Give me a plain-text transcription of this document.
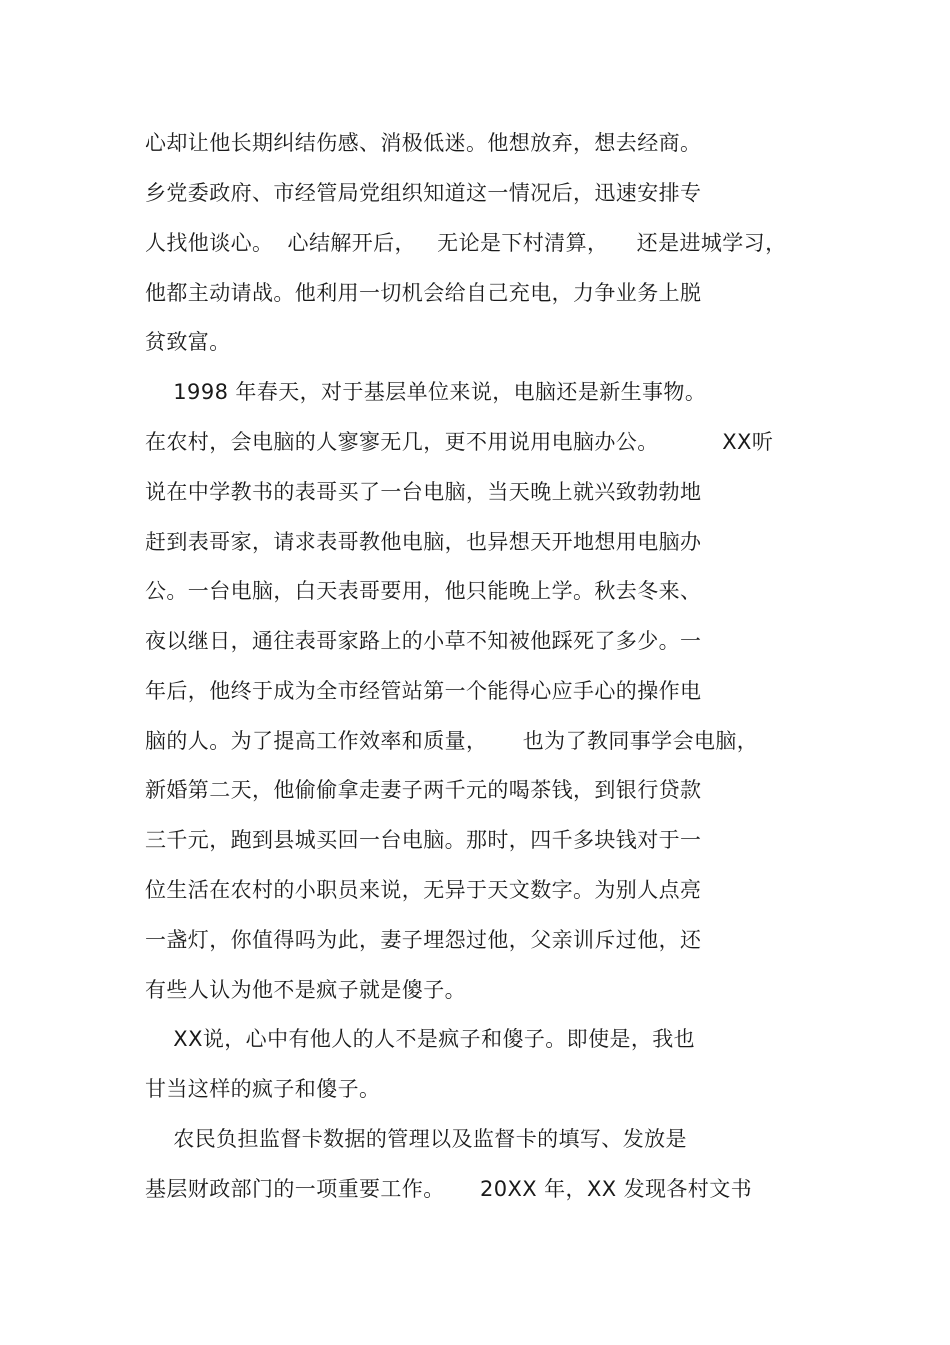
心却让他长期纠结伤感、消极低迷。他想放弃，想去经商。
乡党委政府、市经管局党组织知道这一情况后，迅速安排专
人找他谈心。  心结解开后，   无论是下村清算，    还是进城学习，
他都主动请战。他利用一切机会给自己充电，力争业务上脱
贫致富。
1998 年春天，对于基层单位来说，电脑还是新生事物。
在农村，会电脑的人寥寥无几，更不用说用电脑办公。         XX听
说在中学教书的表哥买了一台电脑，当天晚上就兴致勃勃地
赶到表哥家，请求表哥教他电脑，也异想天开地想用电脑办
公。一台电脑，白天表哥要用，他只能晚上学。秋去冬来、
夜以继日，通往表哥家路上的小草不知被他踩死了多少。一
年后，他终于成为全市经管站第一个能得心应手心的操作电
脑的人。为了提高工作效率和质量，     也为了教同事学会电脑，
新婚第二天，他偷偷拿走妻子两千元的喝茶钱，到银行贷款
三千元，跑到县城买回一台电脑。那时，四千多块钱对于一
位生活在农村的小职员来说，无异于天文数字。为别人点亮
一盏灯，你值得吗为此，妻子埋怨过他，父亲训斥过他，还
有些人认为他不是疯子就是傻子。
XX说，心中有他人的人不是疯子和傻子。即使是，我也
甘当这样的疯子和傻子。
农民负担监督卡数据的管理以及监督卡的填写、发放是
基层财政部门的一项重要工作。     20XX 年，XX 发现各村文书
